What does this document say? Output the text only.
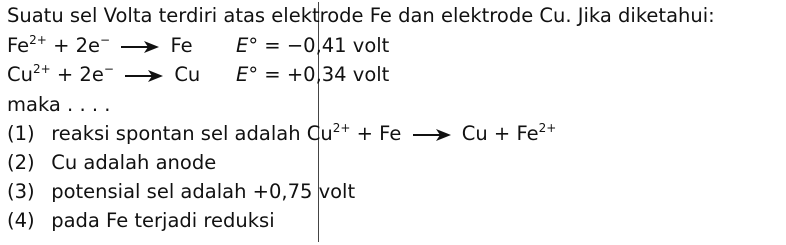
Suatu sel Volta terdiri atas elektrode Fe dan elektrode Cu. Jika diketahui:
$Fe^{2+} + 2e^- \to Fe$ E° = −0,41 volt
$Cu^{2+} + 2e^- \to Cu$ E° = +0,34 volt
maka . . . .
(1) reaksi spontan sel adalah $Cu^{2+} + Fe \to Cu + Fe^{2+}$
(2) Cu adalah anode
(3) potensial sel adalah +0,75 volt
(4) pada Fe terjadi reduksi
